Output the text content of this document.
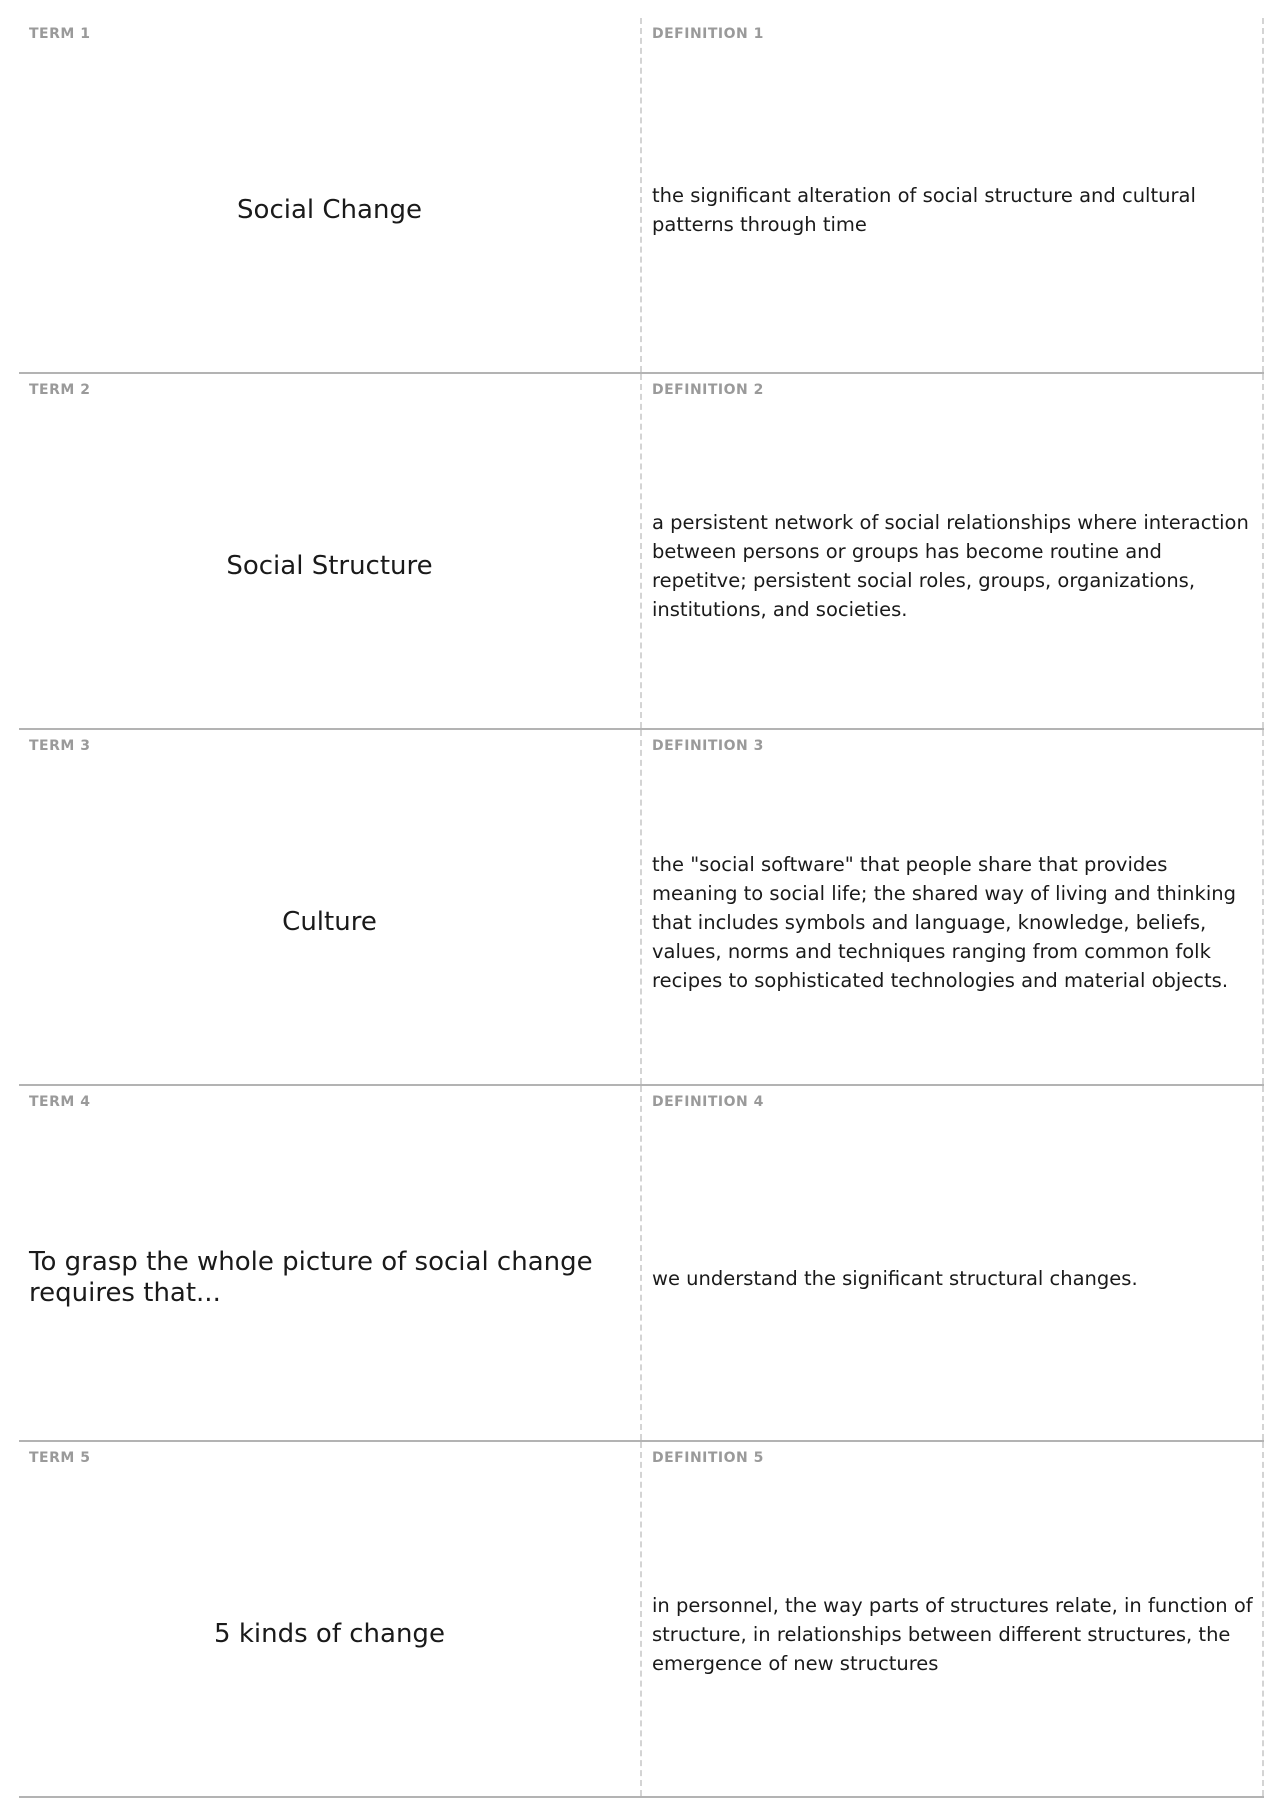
TERM 1
Social Change
DEFINITION 1
the significant alteration of social structure and cultural patterns through time
TERM 2
Social Structure
DEFINITION 2
a persistent network of social relationships where interaction between persons or groups has become routine and repetitve; persistent social roles, groups, organizations, institutions, and societies.
TERM 3
Culture
DEFINITION 3
the "social software" that people share that provides meaning to social life; the shared way of living and thinking that includes symbols and language, knowledge, beliefs, values, norms and techniques ranging from common folk recipes to sophisticated technologies and material objects.
TERM 4
To grasp the whole picture of social change requires that...
DEFINITION 4
we understand the significant structural changes.
TERM 5
5 kinds of change
DEFINITION 5
in personnel, the way parts of structures relate, in function of structure, in relationships between different structures, the emergence of new structures
